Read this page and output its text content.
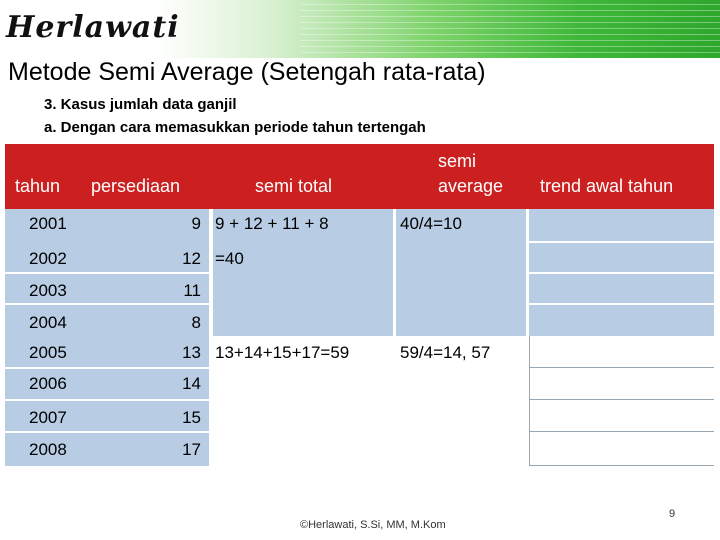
Herlawati
Metode Semi Average (Setengah rata-rata)
3. Kasus jumlah data ganjil
a. Dengan cara memasukkan periode tahun tertengah
tahun persediaan	semi total
semi
average trend awal tahun
2001
2002
2003
2004
2005
2006
2007
2008
9
12
11
8
13
14
15
17
9 + 12 + 11 + 8
=40
40/4=10
13+14+15+17=59	59/4=14, 57
©Herlawati, S.Si, MM, M.Kom
9
